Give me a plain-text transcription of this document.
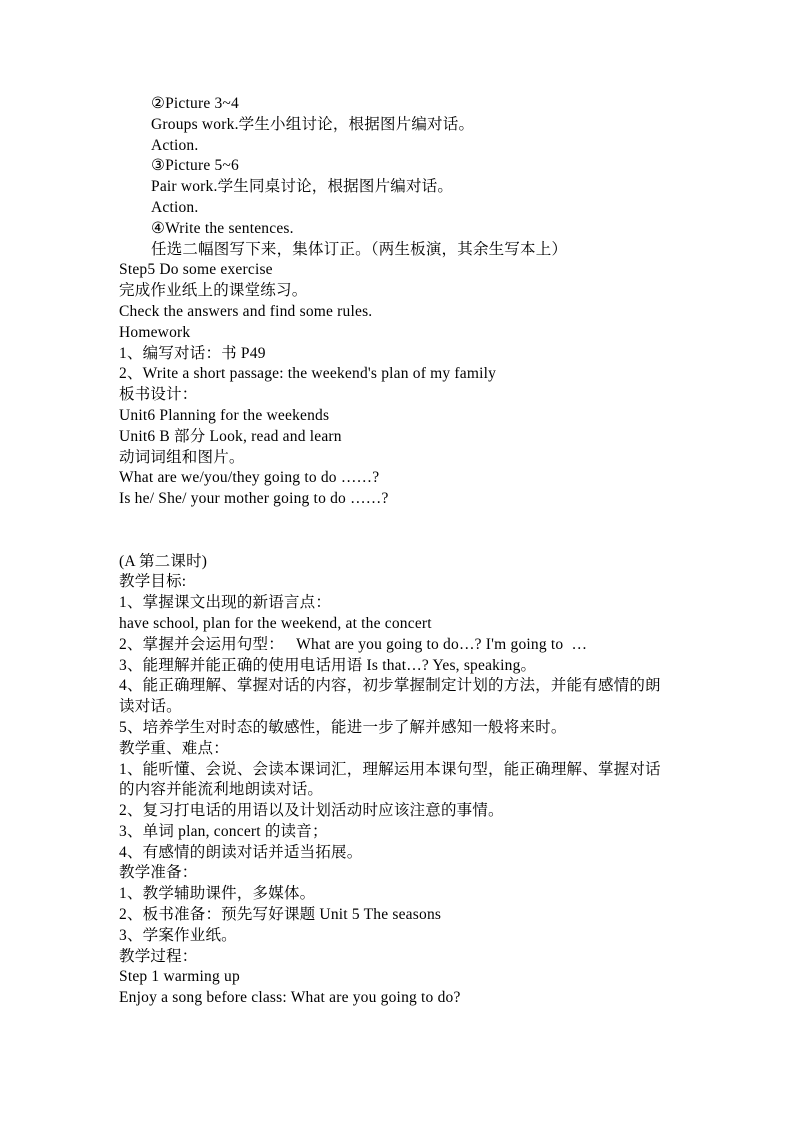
②Picture 3~4
Groups work.学生小组讨论，根据图片编对话。
Action.
③Picture 5~6
Pair work.学生同桌讨论，根据图片编对话。
Action.
④Write the sentences.
任选二幅图写下来，集体订正。（两生板演，其余生写本上）
Step5 Do some exercise
完成作业纸上的课堂练习。
Check the answers and find some rules.
Homework
1、编写对话：书 P49
2、Write a short passage: the weekend's plan of my family
板书设计：
Unit6 Planning for the weekends
Unit6 B 部分 Look, read and learn
动词词组和图片。
What are we/you/they going to do ……?
Is he/ She/ your mother going to do ……?

(A 第二课时)
教学目标:
1、掌握课文出现的新语言点：
have school, plan for the weekend, at the concert
2、掌握并会运用句型：   What are you going to do…? I'm going to  …
3、能理解并能正确的使用电话用语 Is that…? Yes, speaking。
4、能正确理解、掌握对话的内容，初步掌握制定计划的方法，并能有感情的朗
读对话。
5、培养学生对时态的敏感性，能进一步了解并感知一般将来时。
教学重、难点：
1、能听懂、会说、会读本课词汇，理解运用本课句型，能正确理解、掌握对话
的内容并能流利地朗读对话。
2、复习打电话的用语以及计划活动时应该注意的事情。
3、单词 plan, concert 的读音；
4、有感情的朗读对话并适当拓展。
教学准备：
1、教学辅助课件，多媒体。
2、板书准备：预先写好课题 Unit 5 The seasons
3、学案作业纸。
教学过程：
Step 1 warming up
Enjoy a song before class: What are you going to do?
